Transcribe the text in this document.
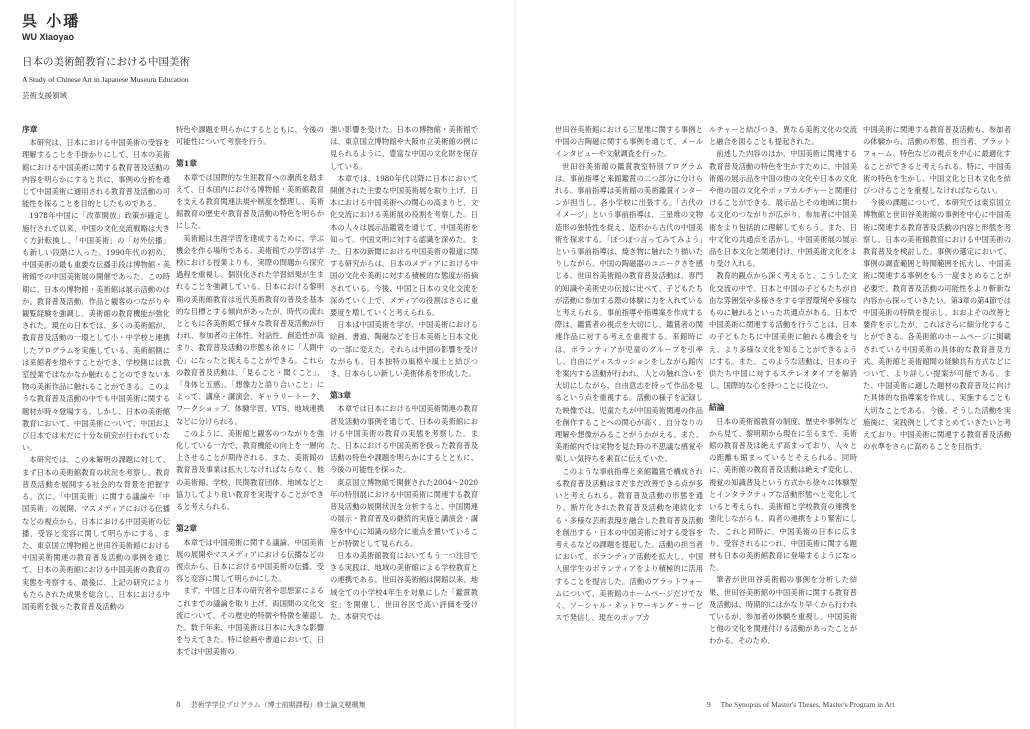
呉 小璠
WU Xiaoyao
日本の美術館教育における中国美術
A Study of Chinese Art in Japanese Museum Education
芸術支援領域
序章

本研究は、日本における中国美術の受容を理解することを手掛かりにして、日本の美術館における中国美術に関する教育普及活動の内容を明らかにすると共に、事例の分析を通じて中国美術に適用される教育普及活動の可能性を探ることを目的としたものである。

1978年中国に「改革開放」政策が確定し施行されて以来、中国の文化交流戦略は大きく方針転換し、「中国美術」の「対外伝播」も新しい段階に入った。1990年代の初め、中国美術の最も重要な伝播手段は博物館・美術館での中国美術展の開催であった。この時期に、日本の博物館・美術館は展示活動のほか、教育普及活動、作品と観客のつながりや観覧経験を強調し、美術館の教育機能が強化された。現在の日本では、多くの美術館が、教育普及活動の一環として小・中学校と連携したプログラムを実施している。美術館側には来館者を増やすことができ、学校側には教室授業ではなかなか触れることのできない本物の美術作品に触れることができる。このような教育普及活動の中でも中国美術に関する題材が時々登場する。しかし、日本の美術館教育において、中国美術について、中国および日本では未だに十分な研究が行われていない。

本研究では、この未解明の課題に対して、まず日本の美術館教育の状況を考察し、教育普及活動を展開する社会的な背景を把握する。次に、「中国美術」に関する議論や「中国美術」の展開、マスメディアにおける伝播などの視点から、日本における中国美術の伝播、受容と変容に関して明らかにする。また、東京国立博物館と世田谷美術館における中国美術関連の教育普及活動の事例を通じて、日本の美術館における中国美術の教育の実態を考察する。最後に、上記の研究によりもたらされた成果を総合し、日本における中国美術を扱った教育普及活動の

特色や課題を明らかにするとともに、今後の可能性について考察を行う。

第1章

本章では国際的な生涯教育への潮流を踏まえて、日本国内における博物館・美術館教育を支える教育関連法規や制度を整理し、美術館教育の歴史や教育普及活動の特色を明らかにした。

美術館は生涯学習を達成するために、学ぶ機会を作る場所である。美術館での学習は学校における授業よりも、実際の問題から探究過程を重視し、個別化された学習結果が生まれることを強調している。日本における黎明期の美術館教育は近代美術教育の普及を基本的な目標とする傾向があったが、時代の流れとともに各美術館で様々な教育普及活動が行われ、参加者の主体性、対話性、創造性が高まり、教育普及活動の形態も徐々に「人間中心」になったと捉えることができる。これらの教育普及活動は、「見ること・聞くこと」、「身体と五感」、「想像力と語り合いこと」によって、講座・講演会、ギャラリートーク、ワークショップ、体験学習、VTS、地域連携などに分けられる。

このように、美術館と観客のつながりを強化している一方で、教育機能の向上を一層向上させることが期待される。また、美術館の教育普及事業は拡大しなければならなく、他の美術館、学校、民間教育団体、地域などと協力してより良い教育を実現することができると考えられる。

第2章

本章では中国美術に関する議論、中国美術展の展開やマスメディアにおける伝播などの視点から、日本における中国美術の伝播、受容と変容に関して明らかにした。

まず、中国と日本の研究者や思想家によるこれまでの議論を取り上げ、両国間の文化交流について、その歴史的特徴や特徴を確認した。数千年来、中国美術は日本に大きな影響を与えてきた。特に絵画や書道において、日本では中国美術の

強い影響を受けた。日本の博物館・美術館では、東京国立博物館や大阪市立美術館の例に見られるように、豊富な中国の文化財を保存している。

本章では、1980年代以降に日本において開催された主要な中国美術展を取り上げ、日本における中国美術への関心の高まりと、文化交流における美術展の役割を考察した。日本の人々は展示品鑑賞を通じて、中国美術を知って、中国文明に対する認識を深めた。また、日本の新聞における中国美術の報道に関する研究からは、日本のメディアにおける中国の文化や美術に対する積極的な態度が指摘されている。今後、中国と日本の文化交流を深めていく上で、メディアの役割はさらに重要度を増していくと考えられる。

日本は中国美術を学び、中国美術における絵画、書道、陶磁などを日本美術と日本文化の一部に変えた。それらは中国の影響を受けながらも、日本独特の風格や風土と結びつき、日本らしい新しい美術体系を形成した。

第3章

本章では日本における中国美術関連の教育普及活動の事例を通じて、日本の美術館における中国美術の教育の実態を考察した。また、日本における中国美術を扱った教育普及活動の特色や課題を明らかにするとともに、今後の可能性を探った。

東京国立博物館で開催された2004〜2020年の特別展における中国美術に関連する教育普及活動の展開状況を分析すると、中国関連の展示・教育普及の継続的実施と講演会・講座を中心に知識の紹介に重点を置いていることが特徴として見られる。

日本の美術館教育においてもう一つ注目できる実践は、地域の美術館による学校教育との連携である。世田谷美術館は開館以来、地域全ての小学校4年生を対象にした「鑑賞教室」を開催し、世田谷区で高い評価を受けた。本研究では

8 芸術学学位プログラム（博士前期課程）修士論文梗概集

世田谷美術館における三星堆に関する事例と中国の古陶磁に関する事例を通じて、メールインタビューや文献調査を行った。

世田谷美術館の鑑賞教室特別プログラムは、事前指導と来館鑑賞の二つ部分に分けられる。事前指導は美術館の美術鑑賞インターンが担当し、各小学校に出張する。「古代のイメージ」という事前指導は、三星堆の文物造形の独特性を捉え、造形から古代の中国美術を探求する。「ぽつぽつ言ってみてみよう」という事前指導は、焼き物に触れたり描いたりしながら、中国の陶磁器のユニークさを感じる。世田谷美術館の教育普及活動は、専門的知識や美術史の伝授に比べて、子どもたちが活動に参加する際の体験に力を入れていると考えられる。事前指導や指導案を作成する際は、鑑賞者の視点を大切にし、鑑賞者の関連作品に対する考えを重視する。来館時には、ボランティアが児童のグループを引率し、自由にディスカッションをしながら館内を案内する活動が行われ、人との触れ合いを大切にしながら、自由意志を持って作品を見るという点を重視する。活動の様子を記録した映像では、児童たちが中国美術関連の作品を創作することへの関心が高く、自分なりの理解や想像がみることがうかがえる。また、美術館内では実物を見た時の不思議な感覚や楽しい気持ちを素直に伝えていた。

このような事前指導と来館鑑賞で構成される教育普及活動はまだまだ改善できる点が多いと考えられる。教育普及活動の形態を通り、断片化された教育普及活動を連続化する・多様な芸術表現を融合した教育普及活動を創出する・日本の中国美術に対する受容を考えるなどの課題を提起した。活動の担当者において、ボランティア活動を拡大し、中国人留学生のボランティアをより積極的に活用することを提言した。活動のプラットフォームについて、美術館のホームページだけでなく、ソーシャル・ネットワーキング・サービスで発信し、現在のポップカ

ルチャーと結びつき、異なる美術文化の交流と融合を図ることも提起された。

前述した内容のほか、中国美術に関連する教育普及活動の特色を生かすために、中国美術館の展示品を中国の他の文化や日本の文化や他の国の文化やポップカルチャーと関連付けることができる。展示品とその地域に関わる文化のつながりが広がり、参加者に中国美術をより包括的に理解してもらう。また、日中文化の共通点を活かし、中国美術展の展示品を日本文化と関連付け、中国美術文化をより受け入れる。

教育的観点から深く考えると、こうした文化交流の中で、日本と中国の子どもたちが自由な雰囲気や多様さをする学習環境や多様なものに触れるといった共通点がある。日本で中国美術に関連する活動を行うことは、日本の子どもたちに中国美術に触れる機会を与え、より多様な文化を知ることができるようにする。また、このような活動は、日本の子供たち中国に対するステレオタイプを解消し、国際的な心を持つことに役立つ。

結論

日本の美術館教育の制度、歴史や事例などから見て、黎明期から現在に至るまで、美術館の教育普及は絶えず高まっており、人々との距離も縮まっているとそえられる。同時に、美術館の教育普及活動は絶えず変化し、視覚の知識普及という方式から徐々に体験型とインタラクティブな活動形態へと変化していると考えられ、美術館と学校教育の連携を強化しながらも、両者の連携をより緊密にした。これと同時に、中国美術の日本に広まり、受容されるにつれ、中国美術に関する題材も日本の美術館教育に登場するようになった。

筆者が世田谷美術館の事例を分析した結果、世田谷美術館の中国美術に関する教育普及活動は、時期的にはかなり早くから行われているが、参加者の体験を重視し、中国美術と他の文化を関連付ける活動があったことがわかる。そのため、

中国美術に関連する教育普及活動も、参加者の体験から、活動の形態、担当者、プラットフォーム、特色などの視点を中心に最適化することができると考えられる。特に、中国美術の特色を生かし、中国文化と日本文化を結びつけることを重視しなければならない。

今後の課題について、本研究では東京国立博物館と世田谷美術館の事例を中心に中国美術に関連する教育普及活動の内容と形態を考察し、日本の美術館教育における中国美術の教育普及を検討した。事例の選定において、事例の調査範囲と時間範囲を拡大し、中国美術に関連する事例をもう一度まとめることが必要で、教育普及活動の可能性をより斬新な内容から探っていきたい。第3章の第4節では中国美術の特徴を提示し、おおよその改善と要件を示したが、これはさらに細分化することができる。各美術館のホームページに掲載されている中国美術の具体的な教育普及方式、美術館と美術館間の経験共有方式などについて、より詳しい提案が可能である。また、中国美術に適した題材の教育普及に向けた具体的な指導案を作成し、実施することも大切なことである。今後、そうした活動を実施後に、実践例としてまとめていきたいと考えており、中国美術に関連する教育普及活動の水準をさらに高めることを目指す。

9 The Synopsis of Master's Theses, Master's Program in Art
